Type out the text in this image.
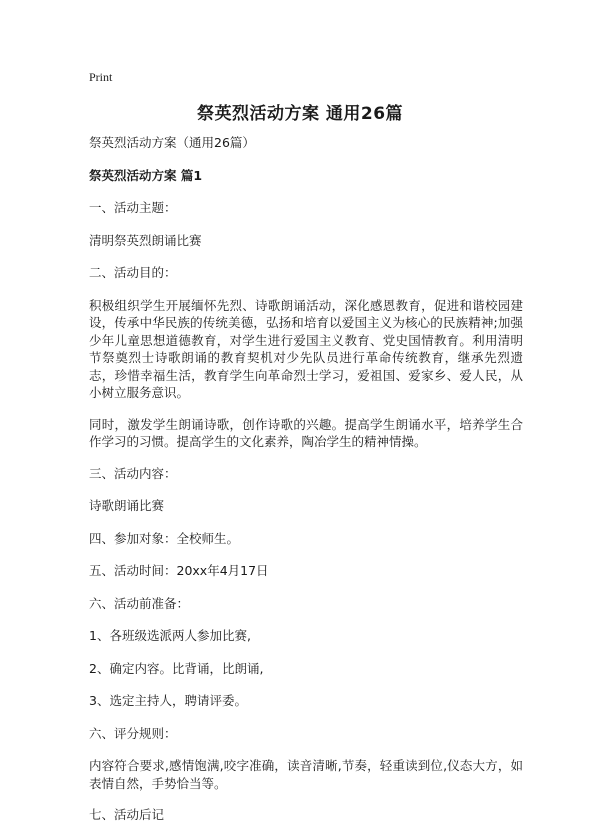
Print
祭英烈活动方案 通用26篇

祭英烈活动方案（通用26篇）

祭英烈活动方案 篇1

一、活动主题：

清明祭英烈朗诵比赛

二、活动目的：

积极组织学生开展缅怀先烈、诗歌朗诵活动，深化感恩教育，促进和谐校园建设，传承中华民族的传统美德，弘扬和培育以爱国主义为核心的民族精神;加强少年儿童思想道德教育，对学生进行爱国主义教育、党史国情教育。利用清明节祭奠烈士诗歌朗诵的教育契机对少先队员进行革命传统教育，继承先烈遗志，珍惜幸福生活，教育学生向革命烈士学习，爱祖国、爱家乡、爱人民，从小树立服务意识。

同时，激发学生朗诵诗歌，创作诗歌的兴趣。提高学生朗诵水平，培养学生合作学习的习惯。提高学生的文化素养，陶冶学生的精神情操。

三、活动内容：

诗歌朗诵比赛

四、参加对象：全校师生。

五、活动时间：20xx年4月17日

六、活动前准备：

1、各班级选派两人参加比赛,

2、确定内容。比背诵，比朗诵,

3、选定主持人，聘请评委。

六、评分规则：

内容符合要求,感情饱满,咬字准确，读音清晰,节奏，轻重读到位,仪态大方，如表情自然，手势恰当等。

七、活动后记
